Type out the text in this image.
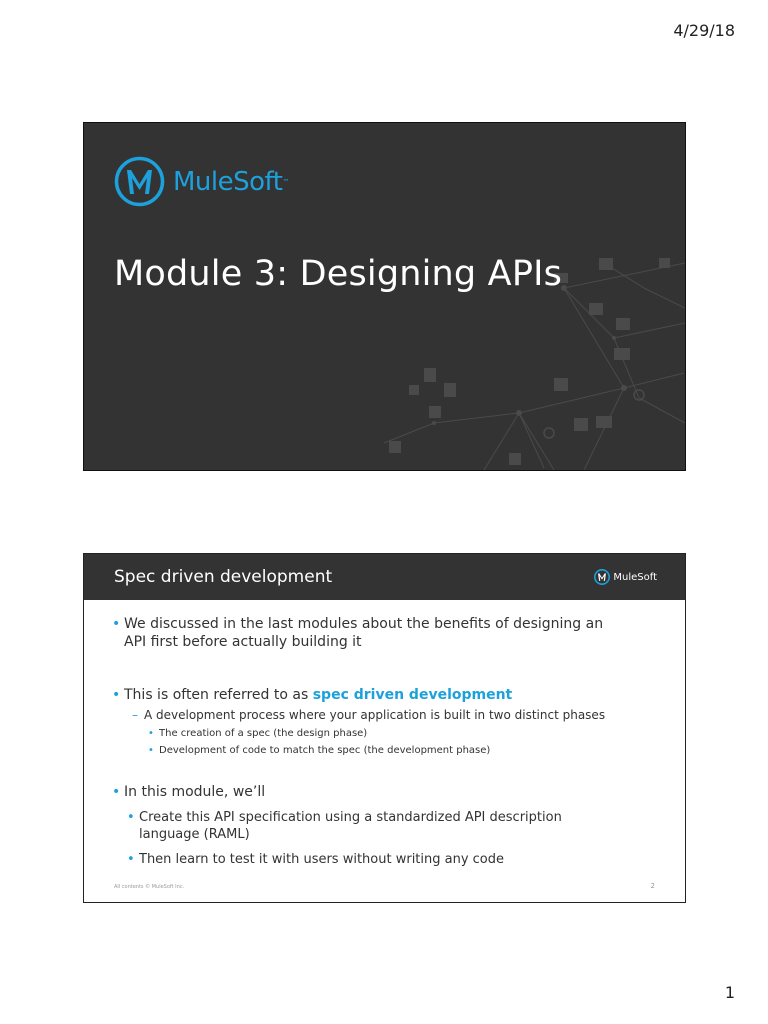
4/29/18
MuleSoft ™
Module 3: Designing APIs
Spec driven development	MuleSoft
• We discussed in the last modules about the benefits of designing an
API first before actually building it
• This is often referred to as spec driven development
– A development process where your application is built in two distinct phases
• The creation of a spec (the design phase)
• Development of code to match the spec (the development phase)
• In this module, we’ll
• Create this API specification using a standardized API description
language (RAML)
• Then learn to test it with users without writing any code
All contents © MuleSoft Inc.	2
1
